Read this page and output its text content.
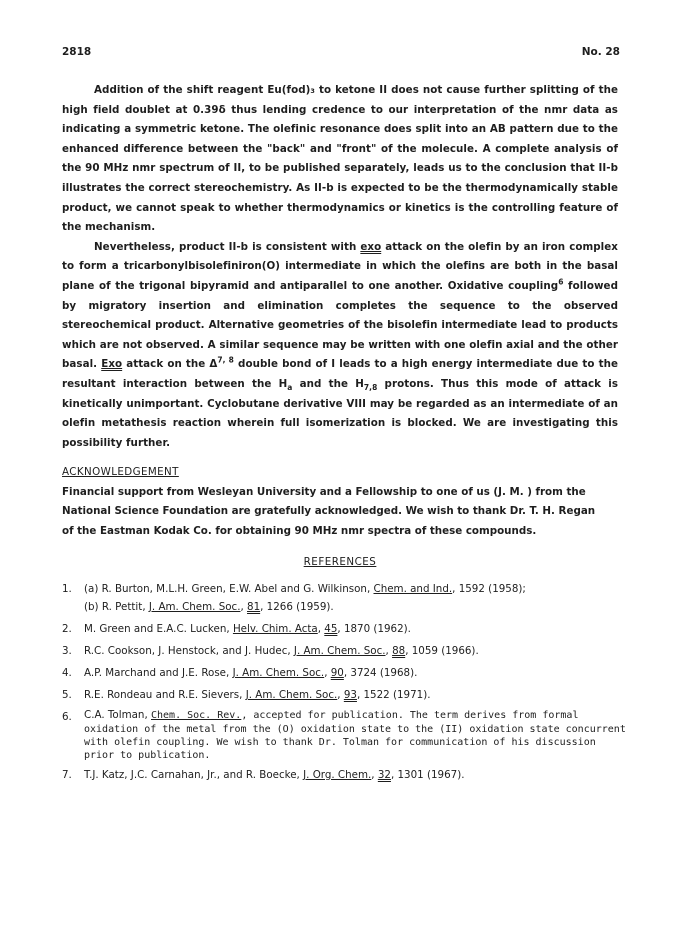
2818	No. 28
Addition of the shift reagent Eu(fod)₃ to ketone II does not cause further splitting of the high field doublet at 0.39δ thus lending credence to our interpretation of the nmr data as indicating a symmetric ketone. The olefinic resonance does split into an AB pattern due to the enhanced difference between the "back" and "front" of the molecule. A complete analysis of the 90 MHz nmr spectrum of II, to be published separately, leads us to the conclusion that II-b illustrates the correct stereochemistry. As II-b is expected to be the thermodynamically stable product, we cannot speak to whether thermodynamics or kinetics is the controlling feature of the mechanism.
Nevertheless, product II-b is consistent with exo attack on the olefin by an iron complex to form a tricarbonylbisolefiniron(O) intermediate in which the olefins are both in the basal plane of the trigonal bipyramid and antiparallel to one another. Oxidative coupling$^6$ followed by migratory insertion and elimination completes the sequence to the observed stereochemical product. Alternative geometries of the bisolefin intermediate lead to products which are not observed. A similar sequence may be written with one olefin axial and the other basal. Exo attack on the Δ$^{7, 8}$ double bond of I leads to a high energy intermediate due to the resultant interaction between the $H_a$ and the $H_{7,8}$ protons. Thus this mode of attack is kinetically unimportant. Cyclobutane derivative VIII may be regarded as an intermediate of an olefin metathesis reaction wherein full isomerization is blocked. We are investigating this possibility further.

ACKNOWLEDGEMENT

Financial support from Wesleyan University and a Fellowship to one of us (J. M. ) from the
National Science Foundation are gratefully acknowledged. We wish to thank Dr. T. H. Regan
of the Eastman Kodak Co. for obtaining 90 MHz nmr spectra of these compounds.
REFERENCES
1. (a) R. Burton, M.L.H. Green, E.W. Abel and G. Wilkinson, Chem. and Ind., 1592 (1958);
(b) R. Pettit, J. Am. Chem. Soc., 81, 1266 (1959).
2. M. Green and E.A.C. Lucken, Helv. Chim. Acta, 45, 1870 (1962).
3. R.C. Cookson, J. Henstock, and J. Hudec, J. Am. Chem. Soc., 88, 1059 (1966).
4. A.P. Marchand and J.E. Rose, J. Am. Chem. Soc., 90, 3724 (1968).
5. R.E. Rondeau and R.E. Sievers, J. Am. Chem. Soc., 93, 1522 (1971).
6. C.A. Tolman, Chem. Soc. Rev., accepted for publication. The term derives from formal
oxidation of the metal from the (O) oxidation state to the (II) oxidation state concurrent
with olefin coupling. We wish to thank Dr. Tolman for communication of his discussion
prior to publication.
7. T.J. Katz, J.C. Carnahan, Jr., and R. Boecke, J. Org. Chem., 32, 1301 (1967).
